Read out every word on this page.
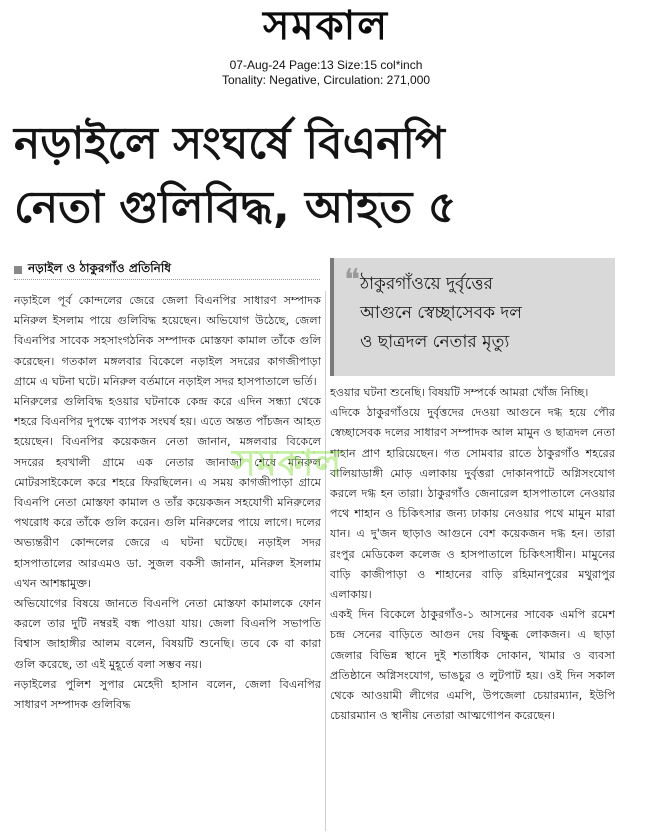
সমকাল
07-Aug-24 Page:13 Size:15 col*inch
Tonality: Negative, Circulation: 271,000
নড়াইলে সংঘর্ষে বিএনপি
নেতা গুলিবিদ্ধ, আহত ৫
নড়াইল ও ঠাকুরগাঁও প্রতিনিধি	❝ ঠাকুরগাঁওয়ে দুর্বৃত্তের
আগুনে স্বেচ্ছাসেবক দল
ও ছাত্রদল নেতার মৃত্যু
নড়াইলে পূর্ব কোন্দলের জেরে জেলা বিএনপির সাধারণ সম্পাদক মনিরুল ইসলাম পায়ে গুলিবিদ্ধ হয়েছেন। অভিযোগ উঠেছে, জেলা বিএনপির সাবেক সহসাংগঠনিক সম্পাদক মোস্তফা কামাল তাঁকে গুলি করেছেন। গতকাল মঙ্গলবার বিকেলে নড়াইল সদরের কাগজীপাড়া গ্রামে এ ঘটনা ঘটে। মনিরুল বর্তমানে নড়াইল সদর হাসপাতালে ভর্তি।
মনিরুলের গুলিবিদ্ধ হওয়ার ঘটনাকে কেন্দ্র করে এদিন সন্ধ্যা থেকে শহরে বিএনপির দুপক্ষে ব্যাপক সংঘর্ষ হয়। এতে অন্তত পাঁচজন আহত হয়েছেন। বিএনপির কয়েকজন নেতা জানান, মঙ্গলবার বিকেলে সদরের হবখালী গ্রামে এক নেতার জানাজা শেষে মনিরুল মোটরসাইকেলে করে শহরে ফিরছিলেন। এ সময় কাগজীপাড়া গ্রামে বিএনপি নেতা মোস্তফা কামাল ও তাঁর কয়েকজন সহযোগী মনিরুলের পথরোধ করে তাঁকে গুলি করেন। গুলি মনিরুলের পায়ে লাগে। দলের অভ্যন্তরীণ কোন্দলের জেরে এ ঘটনা ঘটেছে। নড়াইল সদর হাসপাতালের আরএমও ডা. সুজল বকসী জানান, মনিরুল ইসলাম এখন আশঙ্কামুক্ত।
অভিযোগের বিষয়ে জানতে বিএনপি নেতা মোস্তফা কামালকে ফোন করলে তার দুটি নম্বরই বন্ধ পাওয়া যায়। জেলা বিএনপি সভাপতি বিশ্বাস জাহাঙ্গীর আলম বলেন, বিষয়টি শুনেছি। তবে কে বা কারা গুলি করেছে, তা এই মুহূর্তে বলা সম্ভব নয়।
নড়াইলের পুলিশ সুপার মেহেদী হাসান বলেন, জেলা বিএনপির সাধারণ সম্পাদক গুলিবিদ্ধ
হওয়ার ঘটনা শুনেছি। বিষয়টি সম্পর্কে আমরা খোঁজ নিচ্ছি।
এদিকে ঠাকুরগাঁওয়ে দুর্বৃত্তদের দেওয়া আগুনে দগ্ধ হয়ে পৌর স্বেচ্ছাসেবক দলের সাধারণ সম্পাদক আল মামুন ও ছাত্রদল নেতা শাহান প্রাণ হারিয়েছেন। গত সোমবার রাতে ঠাকুরগাঁও শহরের বালিয়াডাঙ্গী মোড় এলাকায় দুর্বৃত্তরা দোকানপাটে অগ্নিসংযোগ করলে দগ্ধ হন তারা। ঠাকুরগাঁও জেনারেল হাসপাতালে নেওয়ার পথে শাহান ও চিকিৎসার জন্য ঢাকায় নেওয়ার পথে মামুন মারা যান। এ দু'জন ছাড়াও আগুনে বেশ কয়েকজন দগ্ধ হন। তারা রংপুর মেডিকেল কলেজ ও হাসপাতালে চিকিৎসাধীন। মামুনের বাড়ি কাজীপাড়া ও শাহানের বাড়ি রহিমানপুরের মথুরাপুর এলাকায়।
একই দিন বিকেলে ঠাকুরগাঁও-১ আসনের সাবেক এমপি রমেশ চন্দ্র সেনের বাড়িতে আগুন দেয় বিক্ষুব্ধ লোকজন। এ ছাড়া জেলার বিভিন্ন স্থানে দুই শতাধিক দোকান, খামার ও ব্যবসা প্রতিষ্ঠানে অগ্নিসংযোগ, ভাঙচুর ও লুটপাট হয়। ওই দিন সকাল থেকে আওয়ামী লীগের এমপি, উপজেলা চেয়ারম্যান, ইউপি চেয়ারম্যান ও স্থানীয় নেতারা আত্মগোপন করেছেন।
সমকাল
